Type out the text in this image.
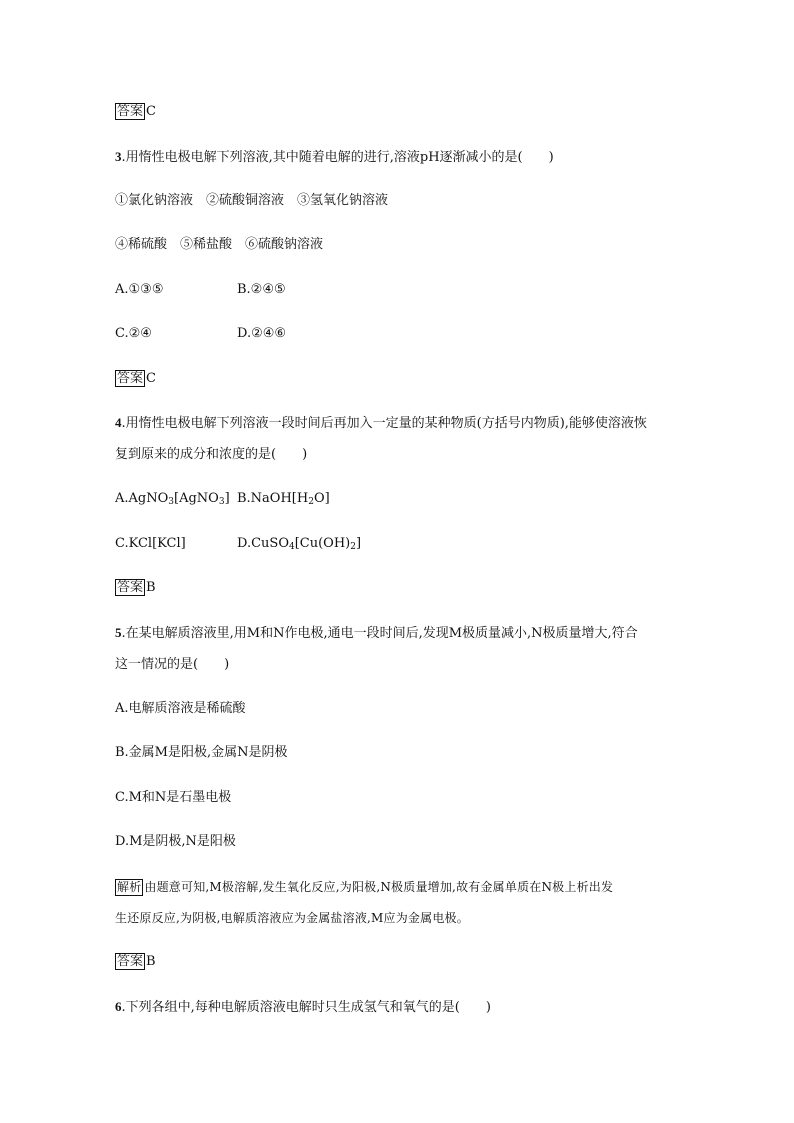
答案 C
3.用惰性电极电解下列溶液,其中随着电解的进行,溶液pH逐渐减小的是(　　)
①氯化钠溶液　②硫酸铜溶液　③氢氧化钠溶液
④稀硫酸　⑤稀盐酸　⑥硫酸钠溶液
A.①③⑤	B.②④⑤
C.②④	D.②④⑥
答案 C
4.用惰性电极电解下列溶液一段时间后再加入一定量的某种物质(方括号内物质),能够使溶液恢
复到原来的成分和浓度的是(　　)
A.AgNO$_3$[AgNO$_3$] $B.NaOH[H_2O]$
C.KCl[KCl]	$D.CuSO_4[Cu(OH)_2]$
答案 B
5.在某电解质溶液里,用M和N作电极,通电一段时间后,发现M极质量减小,N极质量增大,符合
这一情况的是(　　)
A.电解质溶液是稀硫酸
B.金属M是阳极,金属N是阴极
C.M和N是石墨电极
D.M是阴极,N是阳极
解析 由题意可知,M极溶解,发生氧化反应,为阳极,N极质量增加,故有金属单质在N极上析出发
生还原反应,为阴极,电解质溶液应为金属盐溶液,M应为金属电极。
答案 B
6.下列各组中,每种电解质溶液电解时只生成氢气和氧气的是(　　)
